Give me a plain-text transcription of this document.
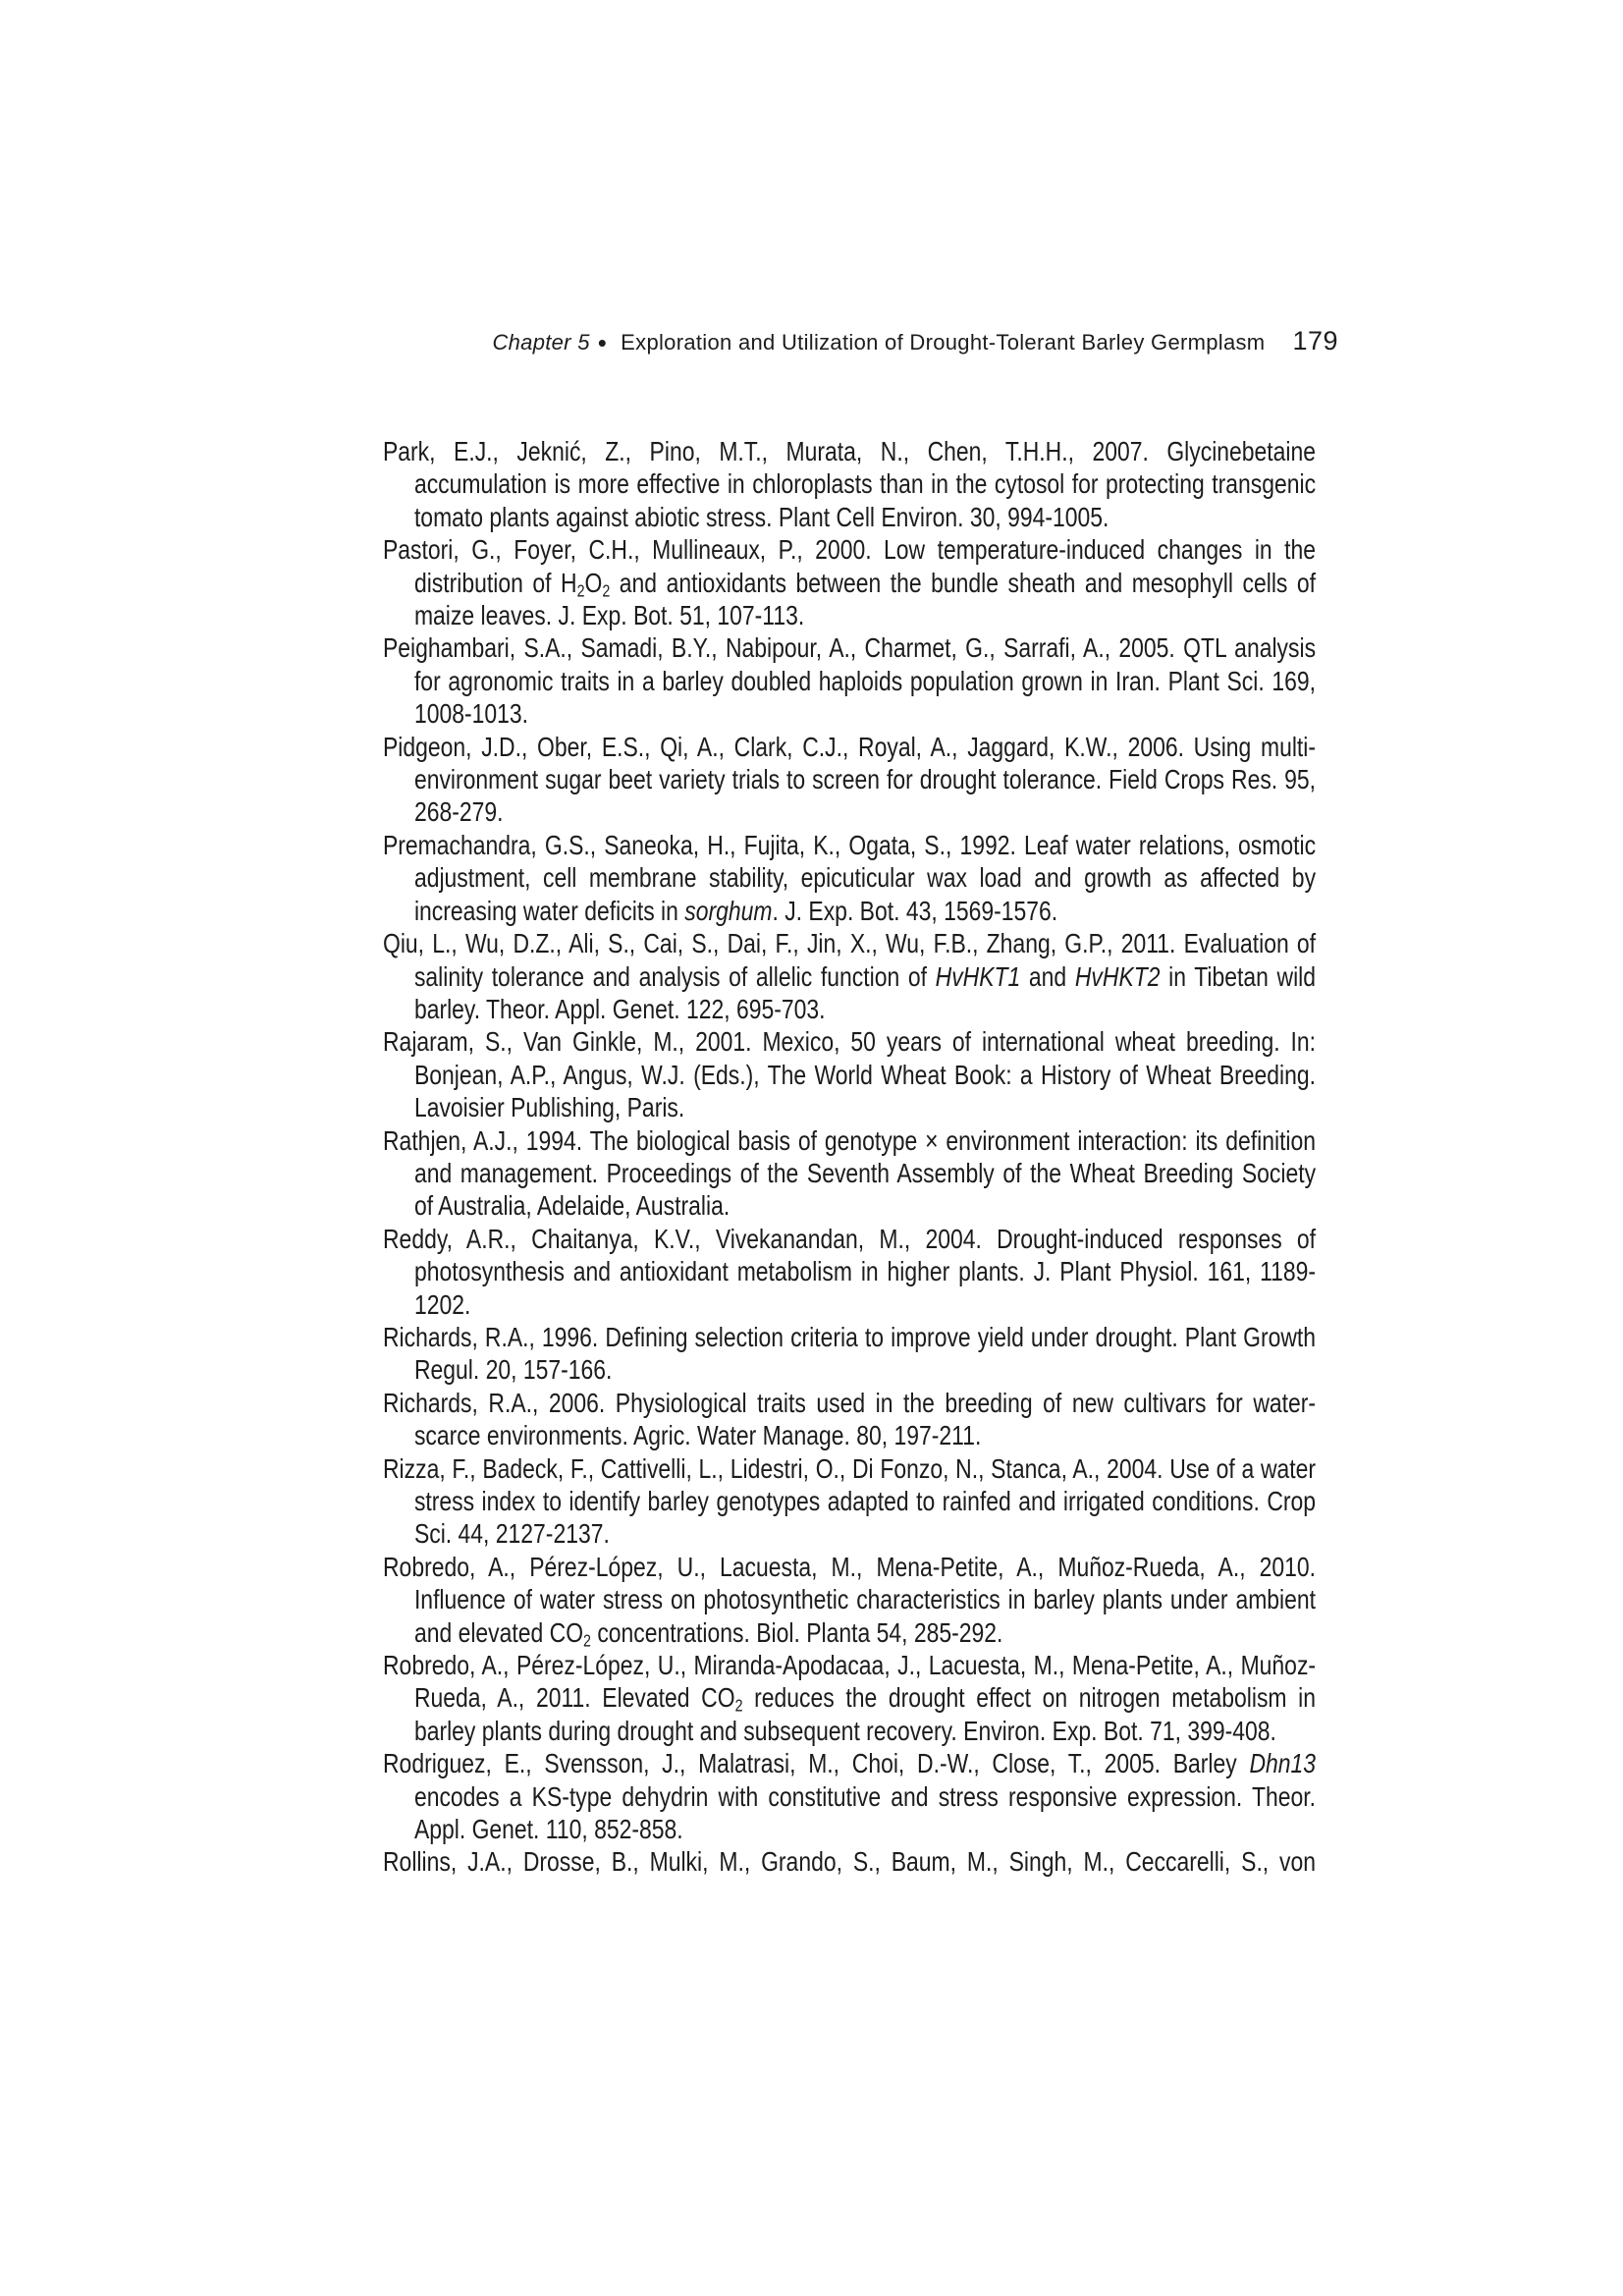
Chapter 5 • Exploration and Utilization of Drought-Tolerant Barley Germplasm 179

Park, E.J., Jeknić, Z., Pino, M.T., Murata, N., Chen, T.H.H., 2007. Glycinebetaine accumulation is more effective in chloroplasts than in the cytosol for protecting transgenic tomato plants against abiotic stress. Plant Cell Environ. 30, 994-1005.

Pastori, G., Foyer, C.H., Mullineaux, P., 2000. Low temperature-induced changes in the distribution of $H_2O_2$ and antioxidants between the bundle sheath and mesophyll cells of maize leaves. J. Exp. Bot. 51, 107-113.

Peighambari, S.A., Samadi, B.Y., Nabipour, A., Charmet, G., Sarrafi, A., 2005. QTL analysis for agronomic traits in a barley doubled haploids population grown in Iran. Plant Sci. 169, 1008-1013.

Pidgeon, J.D., Ober, E.S., Qi, A., Clark, C.J., Royal, A., Jaggard, K.W., 2006. Using multi-environment sugar beet variety trials to screen for drought tolerance. Field Crops Res. 95, 268-279.

Premachandra, G.S., Saneoka, H., Fujita, K., Ogata, S., 1992. Leaf water relations, osmotic adjustment, cell membrane stability, epicuticular wax load and growth as affected by increasing water deficits in sorghum. J. Exp. Bot. 43, 1569-1576.

Qiu, L., Wu, D.Z., Ali, S., Cai, S., Dai, F., Jin, X., Wu, F.B., Zhang, G.P., 2011. Evaluation of salinity tolerance and analysis of allelic function of HvHKT1 and HvHKT2 in Tibetan wild barley. Theor. Appl. Genet. 122, 695-703.

Rajaram, S., Van Ginkle, M., 2001. Mexico, 50 years of international wheat breeding. In: Bonjean, A.P., Angus, W.J. (Eds.), The World Wheat Book: a History of Wheat Breeding. Lavoisier Publishing, Paris.

Rathjen, A.J., 1994. The biological basis of genotype × environment interaction: its definition and management. Proceedings of the Seventh Assembly of the Wheat Breeding Society of Australia, Adelaide, Australia.

Reddy, A.R., Chaitanya, K.V., Vivekanandan, M., 2004. Drought-induced responses of photosynthesis and antioxidant metabolism in higher plants. J. Plant Physiol. 161, 1189-1202.

Richards, R.A., 1996. Defining selection criteria to improve yield under drought. Plant Growth Regul. 20, 157-166.

Richards, R.A., 2006. Physiological traits used in the breeding of new cultivars for water-scarce environments. Agric. Water Manage. 80, 197-211.

Rizza, F., Badeck, F., Cattivelli, L., Lidestri, O., Di Fonzo, N., Stanca, A., 2004. Use of a water stress index to identify barley genotypes adapted to rainfed and irrigated conditions. Crop Sci. 44, 2127-2137.

Robredo, A., Pérez-López, U., Lacuesta, M., Mena-Petite, A., Muñoz-Rueda, A., 2010. Influence of water stress on photosynthetic characteristics in barley plants under ambient and elevated $CO_2$ concentrations. Biol. Planta 54, 285-292.

Robredo, A., Pérez-López, U., Miranda-Apodacaa, J., Lacuesta, M., Mena-Petite, A., Muñoz-Rueda, A., 2011. Elevated $CO_2$ reduces the drought effect on nitrogen metabolism in barley plants during drought and subsequent recovery. Environ. Exp. Bot. 71, 399-408.

Rodriguez, E., Svensson, J., Malatrasi, M., Choi, D.-W., Close, T., 2005. Barley Dhn13 encodes a KS-type dehydrin with constitutive and stress responsive expression. Theor. Appl. Genet. 110, 852-858.

Rollins, J.A., Drosse, B., Mulki, M., Grando, S., Baum, M., Singh, M., Ceccarelli, S., von
